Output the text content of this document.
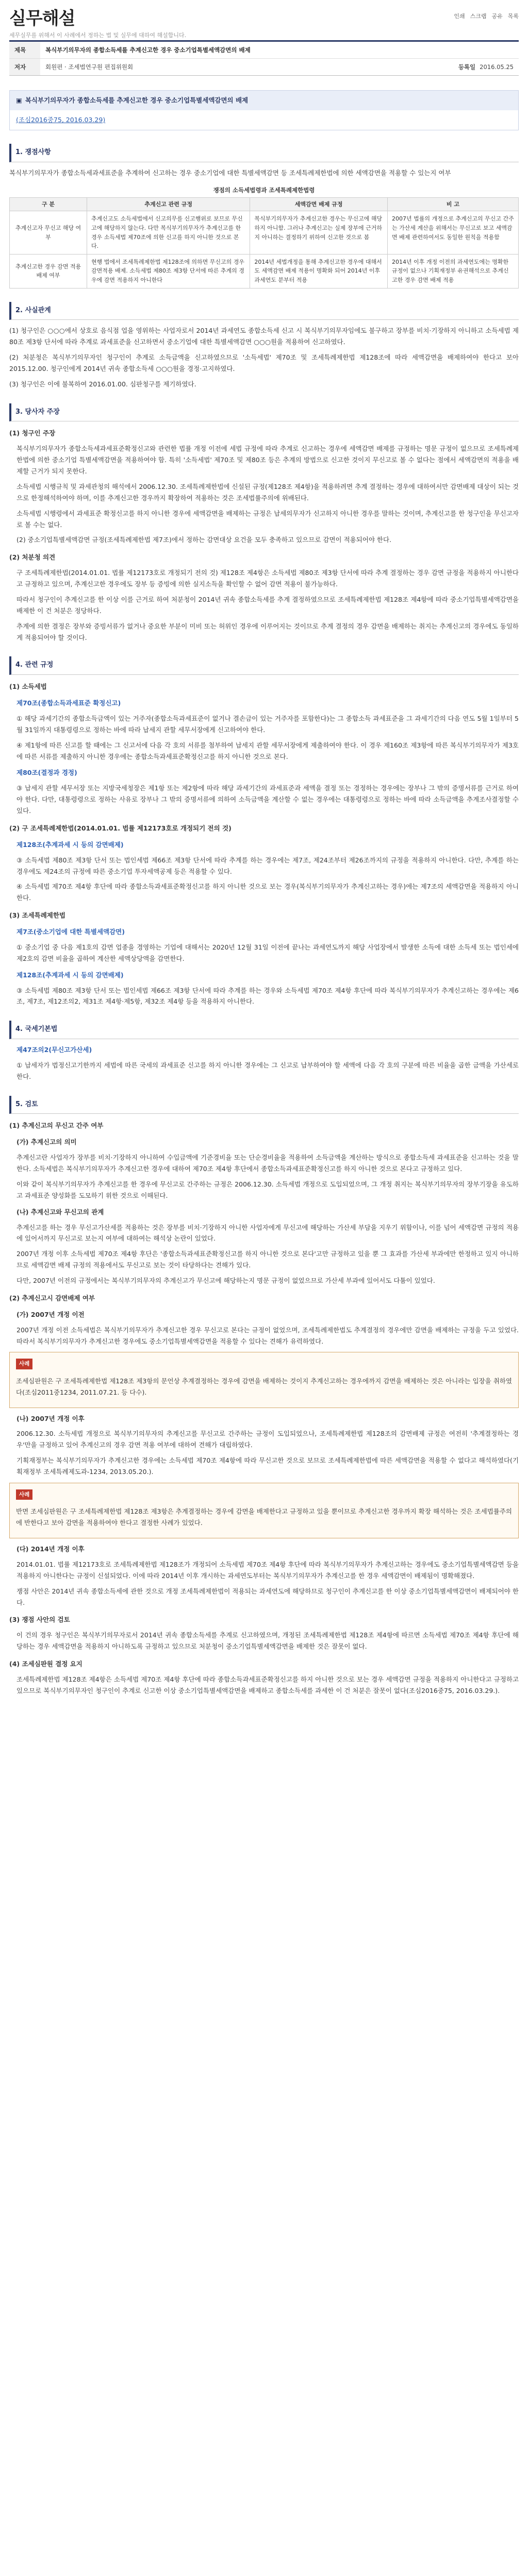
실무해설
세무실무를 위해서 이 사례에서 정하는 법 및 실무에 대하여 해설합니다.
인쇄 스크랩 공유 목록
제목	복식부기의무자의 종합소득세를 추계신고한 경우 중소기업특별세액감면의 배제
저자	회원편 · 조세법연구원 편집위원회	등록일 2016.05.25
▣ 복식부기의무자가 종합소득세를 추계신고한 경우 중소기업특별세액감면의 배제
(조심2016중75, 2016.03.29)
1. 쟁점사항

복식부기의무자가 종합소득세과세표준을 추계하여 신고하는 경우 중소기업에 대한 특별세액감면 등 조세특례제한법에 의한 세액감면을 적용할 수 있는지 여부

쟁점의 소득세법령과 조세특례제한법령
구 분	추계신고 관련 규정	세액감면 배제 규정	비 고
추계신고자 무신고 해당 여부	추계신고도 소득세법에서 신고의무를 신고행위로 보므로 무신고에 해당하지 않는다. 다만 복식부기의무자가 추계신고를 한 경우 소득세법 제70조에 의한 신고를 하지 아니한 것으로 본다.	복식부기의무자가 추계신고한 경우는 무신고에 해당하지 아니함. 그러나 추계신고는 실제 장부에 근거하지 아니하는 결정하기 위하여 신고한 것으로 봄	2007년 법률의 개정으로 추계신고의 무신고 간주는 가산세 계산을 위해서는 무신고로 보고 세액감면 배제 관련하여서도 동일한 원칙을 적용함
추계신고한 경우 감면 적용 배제 여부	현행 법에서 조세특례제한법 제128조에 의하면 무신고의 경우 감면적용 배제. 소득세법 제80조 제3항 단서에 따른 추계의 경우에 감면 적용하지 아니한다	2014년 세법개정을 통해 추계신고한 경우에 대해서도 세액감면 배제 적용이 명확화 되어 2014년 이후 과세연도 분부터 적용	2014년 이후 개정 이전의 과세연도에는 명확한 규정이 없으나 기획재정부 유권해석으로 추계신고한 경우 감면 배제 적용
2. 사실관계

(1) 청구인은 ○○○에서 상호로 음식점 업을 영위하는 사업자로서 2014년 과세연도 종합소득세 신고 시 복식부기의무자임에도 불구하고 장부를 비치·기장하지 아니하고 소득세법 제80조 제3항 단서에 따라 추계로 과세표준을 신고하면서 중소기업에 대한 특별세액감면 ○○○원을 적용하여 신고하였다.

(2) 처분청은 복식부기의무자인 청구인이 추계로 소득금액을 신고하였으므로 '소득세법' 제70조 및 조세특례제한법 제128조에 따라 세액감면을 배제하여야 한다고 보아 2015.12.00. 청구인에게 2014년 귀속 종합소득세 ○○○원을 경정·고지하였다.

(3) 청구인은 이에 불복하여 2016.01.00. 심판청구를 제기하였다.

3. 당사자 주장
(1) 청구인 주장

복식부기의무자가 종합소득세과세표준확정신고와 관련한 법률 개정 이전에 세법 규정에 따라 추계로 신고하는 경우에 세액감면 배제를 규정하는 명문 규정이 없으므로 조세특례제한법에 의한 중소기업 특별세액감면을 적용하여야 함. 특히 '소득세법' 제70조 및 제80조 등은 추계의 방법으로 신고한 것이지 무신고로 볼 수 없다는 점에서 세액감면의 적용을 배제할 근거가 되지 못한다.

소득세법 시행규칙 및 과세관청의 해석에서 2006.12.30. 조세특례제한법에 신설된 규정(제128조 제4항)을 적용하려면 추계 결정하는 경우에 대하여서만 감면배제 대상이 되는 것으로 한정해석하여야 하며, 이를 추계신고한 경우까지 확장하여 적용하는 것은 조세법률주의에 위배된다.

소득세법 시행령에서 과세표준 확정신고를 하지 아니한 경우에 세액감면을 배제하는 규정은 납세의무자가 신고하지 아니한 경우를 말하는 것이며, 추계신고를 한 청구인을 무신고자로 볼 수는 없다.

(2) 중소기업특별세액감면 규정(조세특례제한법 제7조)에서 정하는 감면대상 요건을 모두 충족하고 있으므로 감면이 적용되어야 한다.

(2) 처분청 의견

구 조세특례제한법(2014.01.01. 법률 제12173호로 개정되기 전의 것) 제128조 제4항은 소득세법 제80조 제3항 단서에 따라 추계 결정하는 경우 감면 규정을 적용하지 아니한다고 규정하고 있으며, 추계신고한 경우에도 장부 등 증빙에 의한 실지소득을 확인할 수 없어 감면 적용이 불가능하다.

따라서 청구인이 추계신고를 한 이상 이를 근거로 하여 처분청이 2014년 귀속 종합소득세를 추계 결정하였으므로 조세특례제한법 제128조 제4항에 따라 중소기업특별세액감면을 배제한 이 건 처분은 정당하다.

추계에 의한 결정은 장부와 증빙서류가 없거나 중요한 부분이 미비 또는 허위인 경우에 이루어지는 것이므로 추계 결정의 경우 감면을 배제하는 취지는 추계신고의 경우에도 동일하게 적용되어야 할 것이다.

4. 관련 규정
(1) 소득세법
제70조(종합소득과세표준 확정신고)

① 해당 과세기간의 종합소득금액이 있는 거주자(종합소득과세표준이 없거나 결손금이 있는 거주자를 포함한다)는 그 종합소득 과세표준을 그 과세기간의 다음 연도 5월 1일부터 5월 31일까지 대통령령으로 정하는 바에 따라 납세지 관할 세무서장에게 신고하여야 한다.

④ 제1항에 따른 신고를 할 때에는 그 신고서에 다음 각 호의 서류를 첨부하여 납세지 관할 세무서장에게 제출하여야 한다. 이 경우 제160조 제3항에 따른 복식부기의무자가 제3호에 따른 서류를 제출하지 아니한 경우에는 종합소득과세표준확정신고를 하지 아니한 것으로 본다.

제80조(결정과 경정)

③ 납세지 관할 세무서장 또는 지방국세청장은 제1항 또는 제2항에 따라 해당 과세기간의 과세표준과 세액을 결정 또는 경정하는 경우에는 장부나 그 밖의 증명서류를 근거로 하여야 한다. 다만, 대통령령으로 정하는 사유로 장부나 그 밖의 증명서류에 의하여 소득금액을 계산할 수 없는 경우에는 대통령령으로 정하는 바에 따라 소득금액을 추계조사결정할 수 있다.

(2) 구 조세특례제한법(2014.01.01. 법률 제12173호로 개정되기 전의 것)
제128조(추계과세 시 등의 감면배제)

③ 소득세법 제80조 제3항 단서 또는 법인세법 제66조 제3항 단서에 따라 추계를 하는 경우에는 제7조, 제24조부터 제26조까지의 규정을 적용하지 아니한다. 다만, 추계를 하는 경우에도 제24조의 규정에 따른 중소기업 투자세액공제 등은 적용할 수 있다.

④ 소득세법 제70조 제4항 후단에 따라 종합소득과세표준확정신고를 하지 아니한 것으로 보는 경우(복식부기의무자가 추계신고하는 경우)에는 제7조의 세액감면을 적용하지 아니한다.

(3) 조세특례제한법
제7조(중소기업에 대한 특별세액감면)

① 중소기업 중 다음 제1호의 감면 업종을 경영하는 기업에 대해서는 2020년 12월 31일 이전에 끝나는 과세연도까지 해당 사업장에서 발생한 소득에 대한 소득세 또는 법인세에 제2호의 감면 비율을 곱하여 계산한 세액상당액을 감면한다.

제128조(추계과세 시 등의 감면배제)

③ 소득세법 제80조 제3항 단서 또는 법인세법 제66조 제3항 단서에 따라 추계를 하는 경우와 소득세법 제70조 제4항 후단에 따라 복식부기의무자가 추계신고하는 경우에는 제6조, 제7조, 제12조의2, 제31조 제4항·제5항, 제32조 제4항 등을 적용하지 아니한다.

4. 국세기본법
제47조의2(무신고가산세)

① 납세자가 법정신고기한까지 세법에 따른 국세의 과세표준 신고를 하지 아니한 경우에는 그 신고로 납부하여야 할 세액에 다음 각 호의 구분에 따른 비율을 곱한 금액을 가산세로 한다.

5. 검토
(1) 추계신고의 무신고 간주 여부
(가) 추계신고의 의미

추계신고란 사업자가 장부를 비치·기장하지 아니하여 수입금액에 기준경비율 또는 단순경비율을 적용하여 소득금액을 계산하는 방식으로 종합소득세 과세표준을 신고하는 것을 말한다. 소득세법은 복식부기의무자가 추계신고한 경우에 대하여 제70조 제4항 후단에서 종합소득과세표준확정신고를 하지 아니한 것으로 본다고 규정하고 있다.

이와 같이 복식부기의무자가 추계신고를 한 경우에 무신고로 간주하는 규정은 2006.12.30. 소득세법 개정으로 도입되었으며, 그 개정 취지는 복식부기의무자의 장부기장을 유도하고 과세표준 양성화를 도모하기 위한 것으로 이해된다.

(나) 추계신고와 무신고의 관계

추계신고를 하는 경우 무신고가산세를 적용하는 것은 장부를 비치·기장하지 아니한 사업자에게 무신고에 해당하는 가산세 부담을 지우기 위함이나, 이를 넘어 세액감면 규정의 적용에 있어서까지 무신고로 보는지 여부에 대하여는 해석상 논란이 있었다.

2007년 개정 이후 소득세법 제70조 제4항 후단은 '종합소득과세표준확정신고를 하지 아니한 것으로 본다'고만 규정하고 있을 뿐 그 효과를 가산세 부과에만 한정하고 있지 아니하므로 세액감면 배제 규정의 적용에서도 무신고로 보는 것이 타당하다는 견해가 있다.

다만, 2007년 이전의 규정에서는 복식부기의무자의 추계신고가 무신고에 해당하는지 명문 규정이 없었으므로 가산세 부과에 있어서도 다툼이 있었다.

(2) 추계신고시 감면배제 여부
(가) 2007년 개정 이전

2007년 개정 이전 소득세법은 복식부기의무자가 추계신고한 경우 무신고로 본다는 규정이 없었으며, 조세특례제한법도 추계결정의 경우에만 감면을 배제하는 규정을 두고 있었다. 따라서 복식부기의무자가 추계신고한 경우에도 중소기업특별세액감면을 적용할 수 있다는 견해가 유력하였다.

사례

조세심판원은 구 조세특례제한법 제128조 제3항의 문언상 추계결정하는 경우에 감면을 배제하는 것이지 추계신고하는 경우에까지 감면을 배제하는 것은 아니라는 입장을 취하였다(조심2011중1234, 2011.07.21. 등 다수).

(나) 2007년 개정 이후

2006.12.30. 소득세법 개정으로 복식부기의무자의 추계신고를 무신고로 간주하는 규정이 도입되었으나, 조세특례제한법 제128조의 감면배제 규정은 여전히 '추계결정하는 경우'만을 규정하고 있어 추계신고의 경우 감면 적용 여부에 대하여 견해가 대립하였다.

기획재정부는 복식부기의무자가 추계신고한 경우에는 소득세법 제70조 제4항에 따라 무신고한 것으로 보므로 조세특례제한법에 따른 세액감면을 적용할 수 없다고 해석하였다(기획재정부 조세특례제도과-1234, 2013.05.20.).

사례

반면 조세심판원은 구 조세특례제한법 제128조 제3항은 추계결정하는 경우에 감면을 배제한다고 규정하고 있을 뿐이므로 추계신고한 경우까지 확장 해석하는 것은 조세법률주의에 반한다고 보아 감면을 적용하여야 한다고 결정한 사례가 있었다.

(다) 2014년 개정 이후

2014.01.01. 법률 제12173호로 조세특례제한법 제128조가 개정되어 소득세법 제70조 제4항 후단에 따라 복식부기의무자가 추계신고하는 경우에도 중소기업특별세액감면 등을 적용하지 아니한다는 규정이 신설되었다. 이에 따라 2014년 이후 개시하는 과세연도부터는 복식부기의무자가 추계신고를 한 경우 세액감면이 배제됨이 명확해졌다.

쟁점 사안은 2014년 귀속 종합소득세에 관한 것으로 개정 조세특례제한법이 적용되는 과세연도에 해당하므로 청구인이 추계신고를 한 이상 중소기업특별세액감면이 배제되어야 한다.

(3) 쟁점 사안의 검토

이 건의 경우 청구인은 복식부기의무자로서 2014년 귀속 종합소득세를 추계로 신고하였으며, 개정된 조세특례제한법 제128조 제4항에 따르면 소득세법 제70조 제4항 후단에 해당하는 경우 세액감면을 적용하지 아니하도록 규정하고 있으므로 처분청이 중소기업특별세액감면을 배제한 것은 잘못이 없다.

(4) 조세심판원 결정 요지

조세특례제한법 제128조 제4항은 소득세법 제70조 제4항 후단에 따라 종합소득과세표준확정신고를 하지 아니한 것으로 보는 경우 세액감면 규정을 적용하지 아니한다고 규정하고 있으므로 복식부기의무자인 청구인이 추계로 신고한 이상 중소기업특별세액감면을 배제하고 종합소득세를 과세한 이 건 처분은 잘못이 없다(조심2016중75, 2016.03.29.).
